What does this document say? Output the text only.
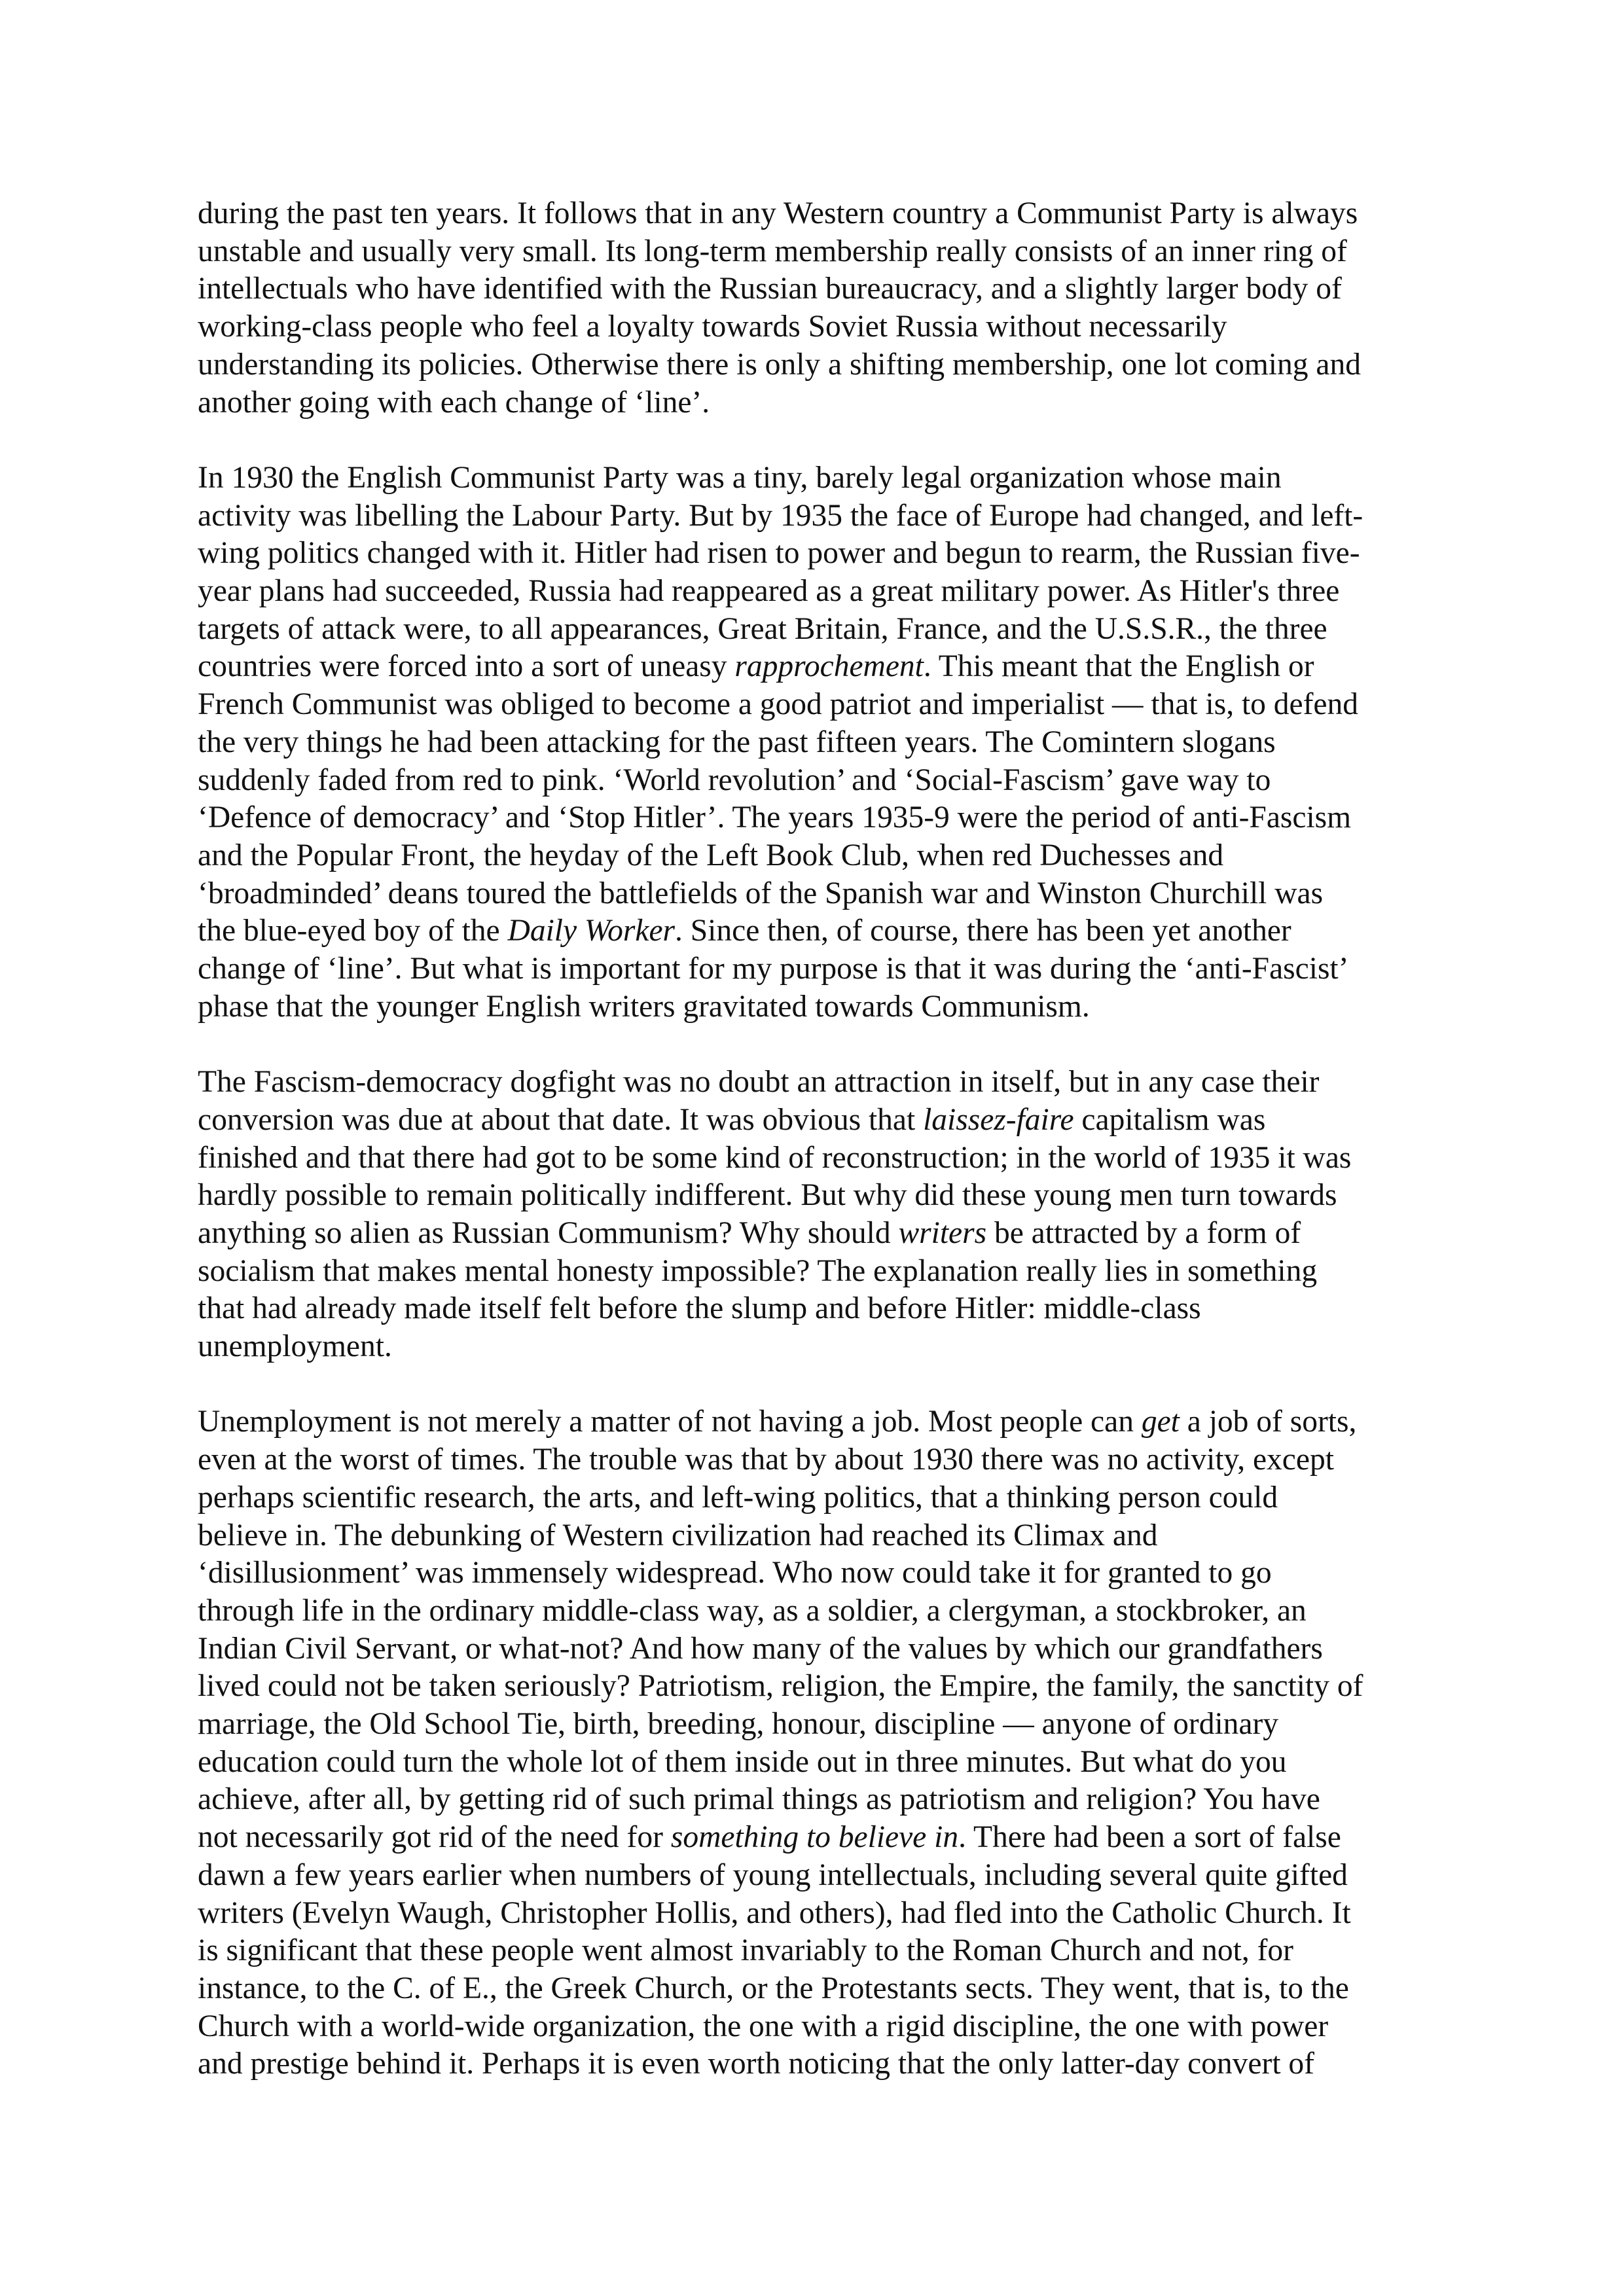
during the past ten years. It follows that in any Western country a Communist Party is always
unstable and usually very small. Its long-term membership really consists of an inner ring of
intellectuals who have identified with the Russian bureaucracy, and a slightly larger body of
working-class people who feel a loyalty towards Soviet Russia without necessarily
understanding its policies. Otherwise there is only a shifting membership, one lot coming and
another going with each change of ‘line’.

In 1930 the English Communist Party was a tiny, barely legal organization whose main
activity was libelling the Labour Party. But by 1935 the face of Europe had changed, and left-
wing politics changed with it. Hitler had risen to power and begun to rearm, the Russian five-
year plans had succeeded, Russia had reappeared as a great military power. As Hitler's three
targets of attack were, to all appearances, Great Britain, France, and the U.S.S.R., the three
countries were forced into a sort of uneasy rapprochement. This meant that the English or
French Communist was obliged to become a good patriot and imperialist — that is, to defend
the very things he had been attacking for the past fifteen years. The Comintern slogans
suddenly faded from red to pink. ‘World revolution’ and ‘Social-Fascism’ gave way to
‘Defence of democracy’ and ‘Stop Hitler’. The years 1935-9 were the period of anti-Fascism
and the Popular Front, the heyday of the Left Book Club, when red Duchesses and
‘broadminded’ deans toured the battlefields of the Spanish war and Winston Churchill was
the blue-eyed boy of the Daily Worker. Since then, of course, there has been yet another
change of ‘line’. But what is important for my purpose is that it was during the ‘anti-Fascist’
phase that the younger English writers gravitated towards Communism.

The Fascism-democracy dogfight was no doubt an attraction in itself, but in any case their
conversion was due at about that date. It was obvious that laissez-faire capitalism was
finished and that there had got to be some kind of reconstruction; in the world of 1935 it was
hardly possible to remain politically indifferent. But why did these young men turn towards
anything so alien as Russian Communism? Why should writers be attracted by a form of
socialism that makes mental honesty impossible? The explanation really lies in something
that had already made itself felt before the slump and before Hitler: middle-class
unemployment.

Unemployment is not merely a matter of not having a job. Most people can get a job of sorts,
even at the worst of times. The trouble was that by about 1930 there was no activity, except
perhaps scientific research, the arts, and left-wing politics, that a thinking person could
believe in. The debunking of Western civilization had reached its Climax and
‘disillusionment’ was immensely widespread. Who now could take it for granted to go
through life in the ordinary middle-class way, as a soldier, a clergyman, a stockbroker, an
Indian Civil Servant, or what-not? And how many of the values by which our grandfathers
lived could not be taken seriously? Patriotism, religion, the Empire, the family, the sanctity of
marriage, the Old School Tie, birth, breeding, honour, discipline — anyone of ordinary
education could turn the whole lot of them inside out in three minutes. But what do you
achieve, after all, by getting rid of such primal things as patriotism and religion? You have
not necessarily got rid of the need for something to believe in. There had been a sort of false
dawn a few years earlier when numbers of young intellectuals, including several quite gifted
writers (Evelyn Waugh, Christopher Hollis, and others), had fled into the Catholic Church. It
is significant that these people went almost invariably to the Roman Church and not, for
instance, to the C. of E., the Greek Church, or the Protestants sects. They went, that is, to the
Church with a world-wide organization, the one with a rigid discipline, the one with power
and prestige behind it. Perhaps it is even worth noticing that the only latter-day convert of
